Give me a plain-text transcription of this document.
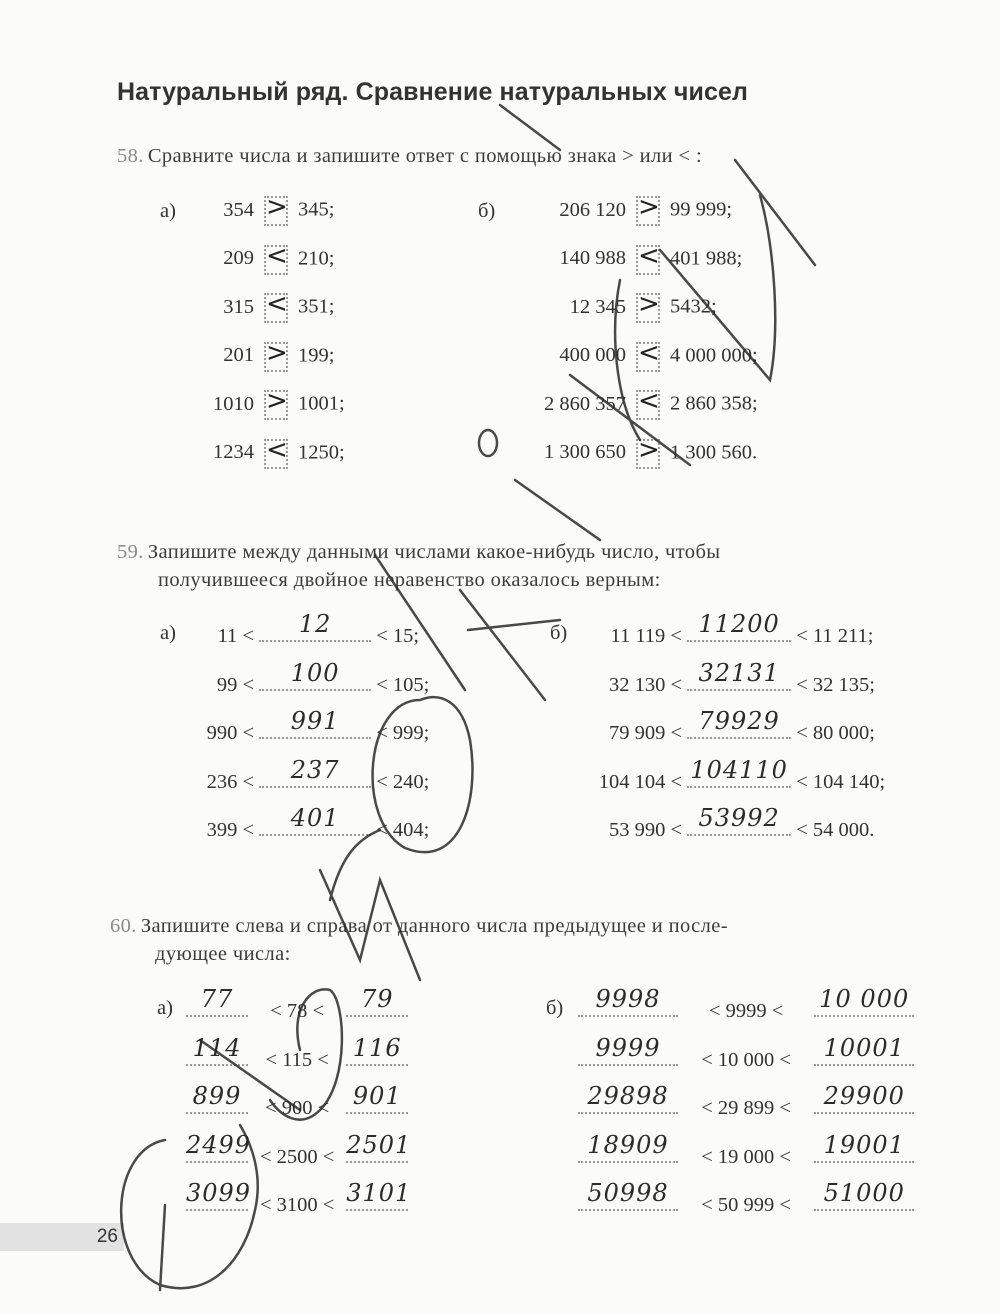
Натуральный ряд. Сравнение натуральных чисел
58. Сравните числа и запишите ответ с помощью знака > или < :
а)	б)
354 > 345;
209 < 210;
315 < 351;
201 > 199;
1010 > 1001;
1234 < 1250;
206 120 > 99 999;
140 988 < 401 988;
12 345 > 5432;
400 000 < 4 000 000;
2 860 357 < 2 860 358;
1 300 650 > 1 300 560.
59. Запишите между данными числами какое-нибудь число, чтобы
получившееся двойное неравенство оказалось верным:
а)	б)
11 <	12	< 15;
99 <	100	< 105;
990 <	991	< 999;
236 <	237	< 240;
399 <	401	< 404;
11 119 < 11200 < 11 211;
32 130 < 32131 < 32 135;
79 909 < 79929 < 80 000;
104 104 < 104110 < 104 140;
53 990 < 53992 < 54 000.
60. Запишите слева и справа от данного числа предыдущее и после-
дующее числа:
а)	б)
77	< 78 <	79
114	< 115 < 116
899	< 900 < 901
2499 < 2500 < 2501
3099 < 3100 < 3101
9998	< 9999 < 10 000
9999	< 10 000 <	10001
29898	< 29 899 <	29900
18909	< 19 000 <	19001
50998	< 50 999 <	51000
26
